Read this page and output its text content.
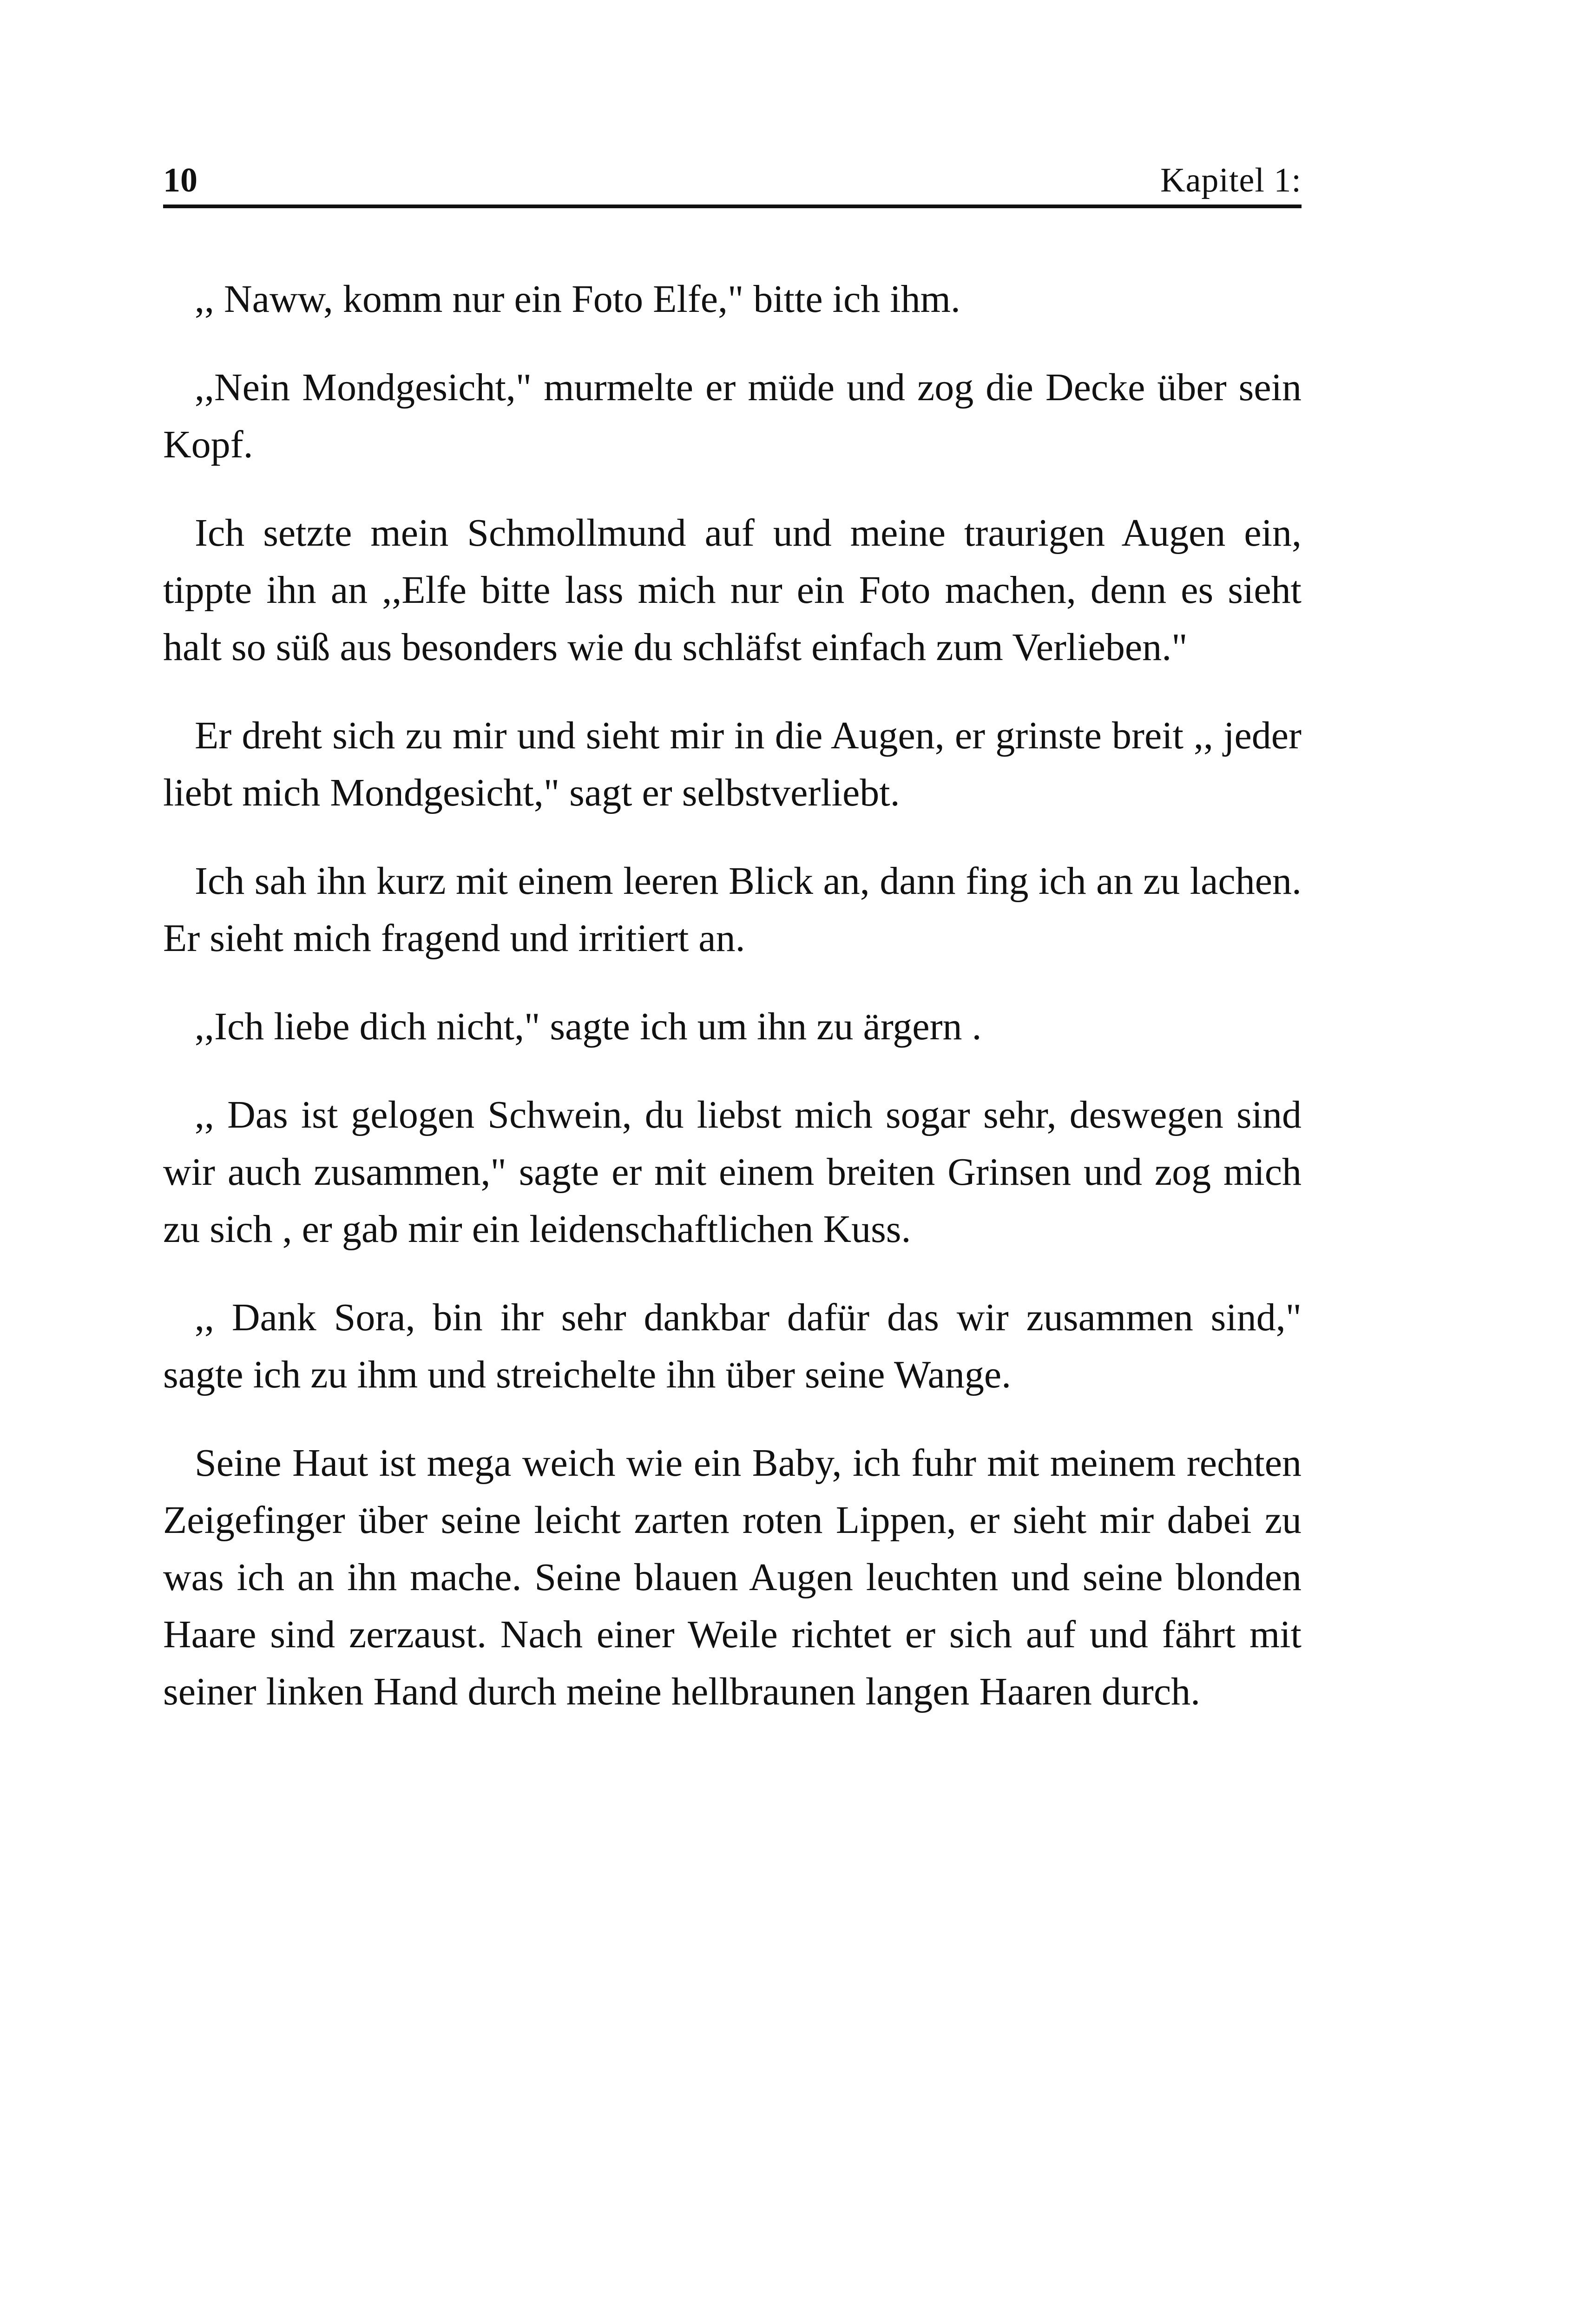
10	Kapitel 1:

,, Naww, komm nur ein Foto Elfe," bitte ich ihm.

,,Nein Mondgesicht," murmelte er müde und zog die Decke über sein Kopf.

Ich setzte mein Schmollmund auf und meine traurigen Augen ein, tippte ihn an ,,Elfe bitte lass mich nur ein Foto machen, denn es sieht halt so süß aus besonders wie du schläfst einfach zum Verlieben."

Er dreht sich zu mir und sieht mir in die Augen, er grinste breit ,, jeder liebt mich Mondgesicht," sagt er selbstverliebt.

Ich sah ihn kurz mit einem leeren Blick an, dann fing ich an zu lachen. Er sieht mich fragend und irritiert an.

,,Ich liebe dich nicht," sagte ich um ihn zu ärgern .

,, Das ist gelogen Schwein, du liebst mich sogar sehr, deswegen sind wir auch zusammen," sagte er mit einem breiten Grinsen und zog mich zu sich , er gab mir ein leidenschaftlichen Kuss.

,, Dank Sora, bin ihr sehr dankbar dafür das wir zusammen sind," sagte ich zu ihm und streichelte ihn über seine Wange.

Seine Haut ist mega weich wie ein Baby, ich fuhr mit meinem rechten Zeigefinger über seine leicht zarten roten Lippen, er sieht mir dabei zu was ich an ihn mache. Seine blauen Augen leuchten und seine blonden Haare sind zerzaust. Nach einer Weile richtet er sich auf und fährt mit seiner linken Hand durch meine hellbraunen langen Haaren durch.
